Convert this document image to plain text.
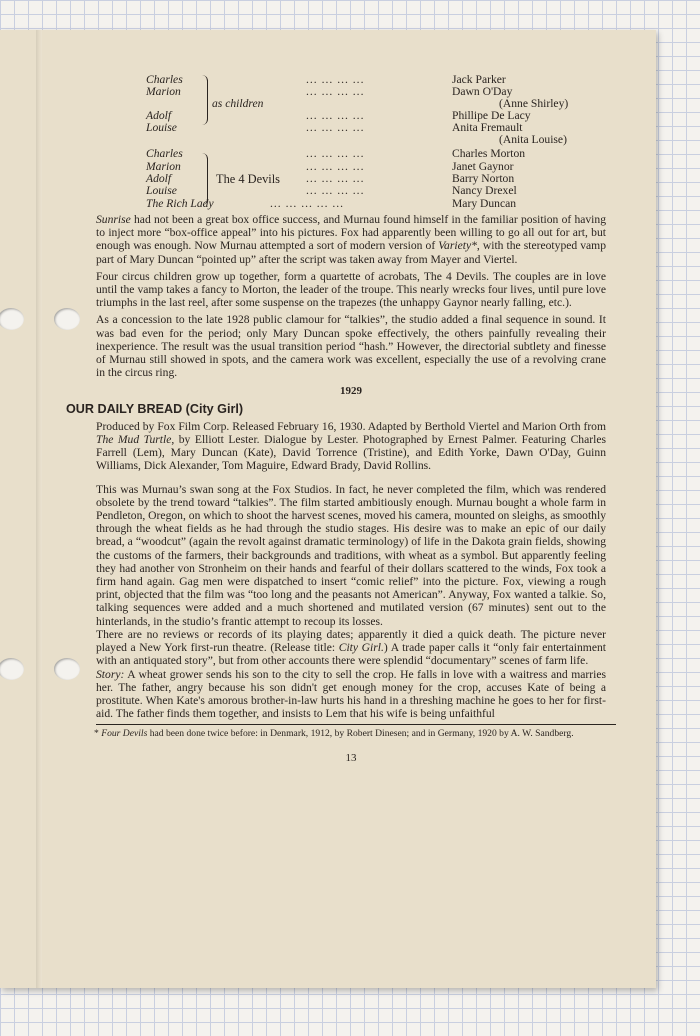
as children
The 4 Devils
Charles	... ... ... ...	Jack Parker
Marion	... ... ... ...	Dawn O'Day
(Anne Shirley)
Adolf	... ... ... ...	Phillipe De Lacy
Louise	... ... ... ...	Anita Fremault
(Anita Louise)
Charles	... ... ... ...	Charles Morton
Marion	... ... ... ...	Janet Gaynor
Adolf	... ... ... ...	Barry Norton
Louise	... ... ... ...	Nancy Drexel
The Rich Lady	... ... ... ... ...	Mary Duncan

Sunrise had not been a great box office success, and Murnau found himself in the familiar position of having to inject more “box-office appeal” into his pictures. Fox had apparently been willing to go all out for art, but enough was enough. Now Murnau attempted a sort of modern version of Variety*, with the stereotyped vamp part of Mary Duncan “pointed up” after the script was taken away from Mayer and Viertel.

Four circus children grow up together, form a quartette of acrobats, The 4 Devils. The couples are in love until the vamp takes a fancy to Morton, the leader of the troupe. This nearly wrecks four lives, until pure love triumphs in the last reel, after some suspense on the trapezes (the unhappy Gaynor nearly falling, etc.).

As a concession to the late 1928 public clamour for “talkies”, the studio added a final sequence in sound. It was bad even for the period; only Mary Duncan spoke effectively, the others painfully revealing their inexperience. The result was the usual transition period “hash.” However, the directorial subtlety and finesse of Murnau still showed in spots, and the camera work was excellent, especially the use of a revolving crane in the circus ring.

1929
OUR DAILY BREAD (City Girl)

Produced by Fox Film Corp. Released February 16, 1930. Adapted by Berthold Viertel and Marion Orth from The Mud Turtle, by Elliott Lester. Dialogue by Lester. Photographed by Ernest Palmer. Featuring Charles Farrell (Lem), Mary Duncan (Kate), David Torrence (Tristine), and Edith Yorke, Dawn O'Day, Guinn Williams, Dick Alexander, Tom Maguire, Edward Brady, David Rollins.

This was Murnau’s swan song at the Fox Studios. In fact, he never completed the film, which was rendered obsolete by the trend toward “talkies”. The film started ambitiously enough. Murnau bought a whole farm in Pendleton, Oregon, on which to shoot the harvest scenes, moved his camera, mounted on sleighs, as smoothly through the wheat fields as he had through the studio stages. His desire was to make an epic of our daily bread, a “woodcut” (again the revolt against dramatic terminology) of life in the Dakota grain fields, showing the customs of the farmers, their backgrounds and traditions, with wheat as a symbol. But apparently feeling they had another von Stronheim on their hands and fearful of their dollars scattered to the winds, Fox took a firm hand again. Gag men were dispatched to insert “comic relief” into the picture. Fox, viewing a rough print, objected that the film was “too long and the peasants not American”. Anyway, Fox wanted a talkie. So, talking sequences were added and a much shortened and mutilated version (67 minutes) sent out to the hinterlands, in the studio’s frantic attempt to recoup its losses.

There are no reviews or records of its playing dates; apparently it died a quick death. The picture never played a New York first-run theatre. (Release title: City Girl.) A trade paper calls it “only fair entertainment with an antiquated story”, but from other accounts there were splendid “documentary” scenes of farm life.

Story: A wheat grower sends his son to the city to sell the crop. He falls in love with a waitress and marries her. The father, angry because his son didn't get enough money for the crop, accuses Kate of being a prostitute. When Kate's amorous brother-in-law hurts his hand in a threshing machine he goes to her for first-aid. The father finds them together, and insists to Lem that his wife is being unfaithful

* Four Devils had been done twice before: in Denmark, 1912, by Robert Dinesen; and in Germany, 1920 by A. W. Sandberg.
13
